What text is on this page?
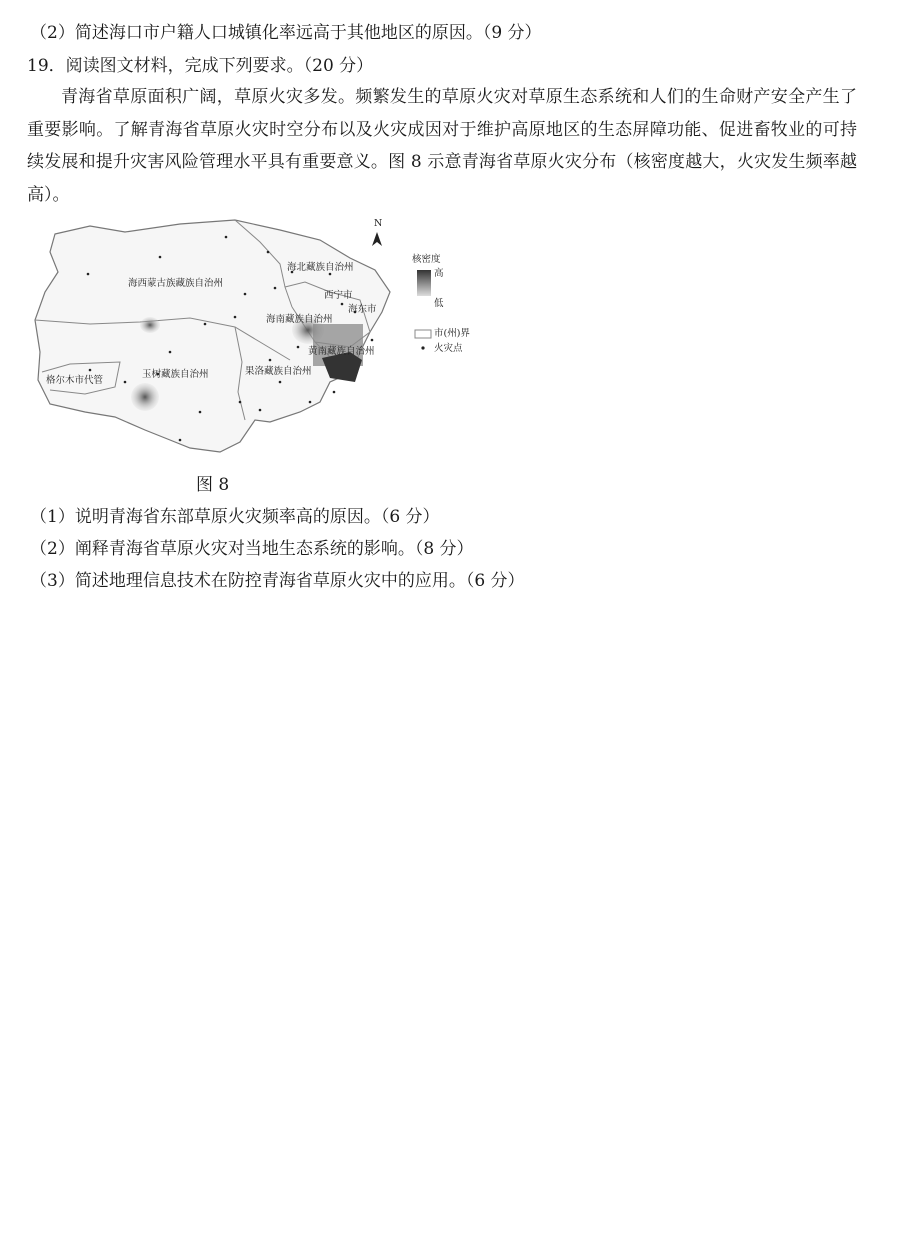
（2）简述海口市户籍人口城镇化率远高于其他地区的原因。（9 分）
19．阅读图文材料，完成下列要求。（20 分）
青海省草原面积广阔，草原火灾多发。频繁发生的草原火灾对草原生态系统和人们的生命财产安全产生了重要影响。了解青海省草原火灾时空分布以及火灾成因对于维护高原地区的生态屏障功能、促进畜牧业的可持续发展和提升灾害风险管理水平具有重要意义。图 8 示意青海省草原火灾分布（核密度越大，火灾发生频率越高）。
N
海西蒙古族藏族自治州
海北藏族自治州
西宁市
海东市
海南藏族自治州
黄南藏族自治州
果洛藏族自治州
玉树藏族自治州
格尔木市代管
核密度
高
低
市(州)界
火灾点
图 8
（1）说明青海省东部草原火灾频率高的原因。（6 分）
（2）阐释青海省草原火灾对当地生态系统的影响。（8 分）
（3）简述地理信息技术在防控青海省草原火灾中的应用。（6 分）
